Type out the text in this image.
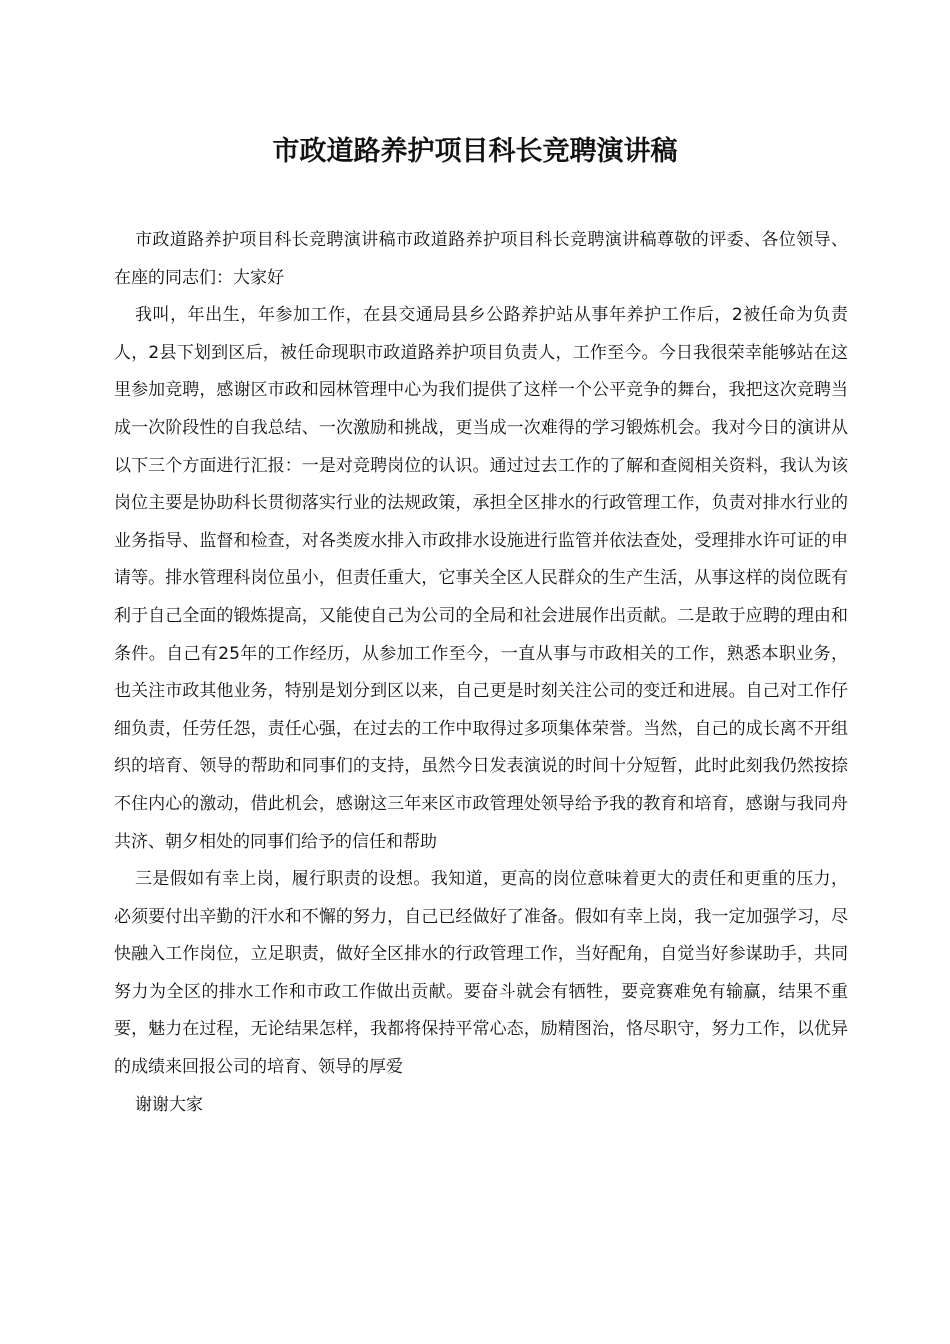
市政道路养护项目科长竞聘演讲稿

市政道路养护项目科长竞聘演讲稿市政道路养护项目科长竞聘演讲稿尊敬的评委、各位领导、在座的同志们：大家好

我叫，年出生，年参加工作，在县交通局县乡公路养护站从事年养护工作后，2被任命为负责人，2县下划到区后，被任命现职市政道路养护项目负责人，工作至今。今日我很荣幸能够站在这里参加竞聘，感谢区市政和园林管理中心为我们提供了这样一个公平竞争的舞台，我把这次竞聘当成一次阶段性的自我总结、一次激励和挑战，更当成一次难得的学习锻炼机会。我对今日的演讲从以下三个方面进行汇报：一是对竞聘岗位的认识。通过过去工作的了解和查阅相关资料，我认为该岗位主要是协助科长贯彻落实行业的法规政策，承担全区排水的行政管理工作，负责对排水行业的业务指导、监督和检查，对各类废水排入市政排水设施进行监管并依法查处，受理排水许可证的申请等。排水管理科岗位虽小，但责任重大，它事关全区人民群众的生产生活，从事这样的岗位既有利于自己全面的锻炼提高，又能使自己为公司的全局和社会进展作出贡献。二是敢于应聘的理由和条件。自己有25年的工作经历，从参加工作至今，一直从事与市政相关的工作，熟悉本职业务，也关注市政其他业务，特别是划分到区以来，自己更是时刻关注公司的变迁和进展。自己对工作仔细负责，任劳任怨，责任心强，在过去的工作中取得过多项集体荣誉。当然，自己的成长离不开组织的培育、领导的帮助和同事们的支持，虽然今日发表演说的时间十分短暂，此时此刻我仍然按捺不住内心的激动，借此机会，感谢这三年来区市政管理处领导给予我的教育和培育，感谢与我同舟共济、朝夕相处的同事们给予的信任和帮助

三是假如有幸上岗，履行职责的设想。我知道，更高的岗位意味着更大的责任和更重的压力，必须要付出辛勤的汗水和不懈的努力，自己已经做好了准备。假如有幸上岗，我一定加强学习，尽快融入工作岗位，立足职责，做好全区排水的行政管理工作，当好配角，自觉当好参谋助手，共同努力为全区的排水工作和市政工作做出贡献。要奋斗就会有牺牲，要竞赛难免有输赢，结果不重要，魅力在过程，无论结果怎样，我都将保持平常心态，励精图治，恪尽职守，努力工作，以优异的成绩来回报公司的培育、领导的厚爱

谢谢大家
